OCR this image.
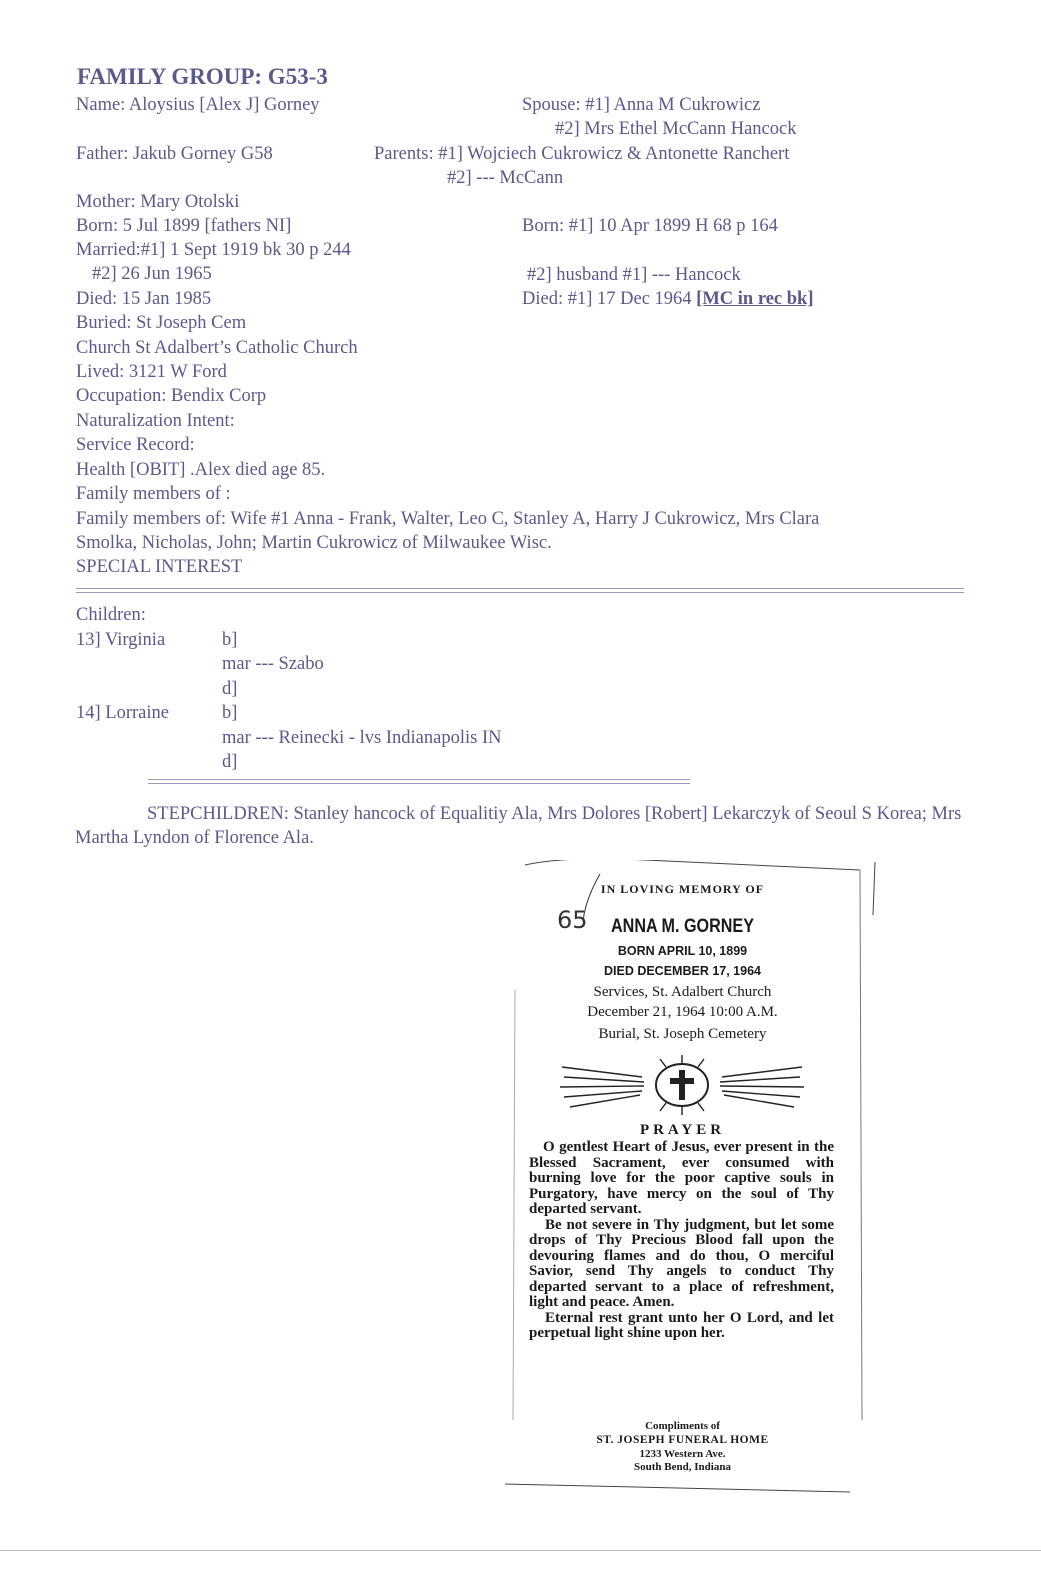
FAMILY GROUP: G53-3
Name: Aloysius [Alex J] Gorney
Father: Jakub Gorney G58
Mother: Mary Otolski
Born: 5 Jul 1899 [fathers NI]
Married:#1] 1 Sept 1919 bk 30 p 244
#2] 26 Jun 1965
Died: 15 Jan 1985
Buried: St Joseph Cem
Church St Adalbert’s Catholic Church
Lived: 3121 W Ford
Occupation: Bendix Corp
Naturalization Intent:
Service Record:
Health [OBIT] .Alex died age 85.
Family members of :
Family members of: Wife #1 Anna - Frank, Walter, Leo C, Stanley A, Harry J Cukrowicz, Mrs Clara
Smolka, Nicholas, John; Martin Cukrowicz of Milwaukee Wisc.
SPECIAL INTEREST
Spouse: #1] Anna M Cukrowicz
#2] Mrs Ethel McCann Hancock
Parents: #1] Wojciech Cukrowicz & Antonette Ranchert
#2] --- McCann
Born: #1] 10 Apr 1899 H 68 p 164
#2] husband #1] --- Hancock
Died: #1] 17 Dec 1964 [MC in rec bk]
Children:
13] Virginia	b]
mar --- Szabo
d]
14] Lorraine	b]
mar --- Reinecki - lvs Indianapolis IN
d]
STEPCHILDREN: Stanley hancock of Equalitiy Ala, Mrs Dolores [Robert] Lekarczyk of Seoul S Korea; Mrs Martha Lyndon of Florence Ala.
65
IN LOVING MEMORY OF
ANNA M. GORNEY
BORN APRIL 10, 1899
DIED DECEMBER 17, 1964
Services, St. Adalbert Church
December 21, 1964 10:00 A.M.
Burial, St. Joseph Cemetery
PRAYER

O gentlest Heart of Jesus, ever present in the Blessed Sacrament, ever consumed with burning love for the poor captive souls in Purgatory, have mercy on the soul of Thy departed servant.

Be not severe in Thy judgment, but let some drops of Thy Precious Blood fall upon the devouring flames and do thou, O merciful Savior, send Thy angels to conduct Thy departed servant to a place of refreshment, light and peace. Amen.

Eternal rest grant unto her O Lord, and let perpetual light shine upon her.

Compliments of
ST. JOSEPH FUNERAL HOME
1233 Western Ave.
South Bend, Indiana
